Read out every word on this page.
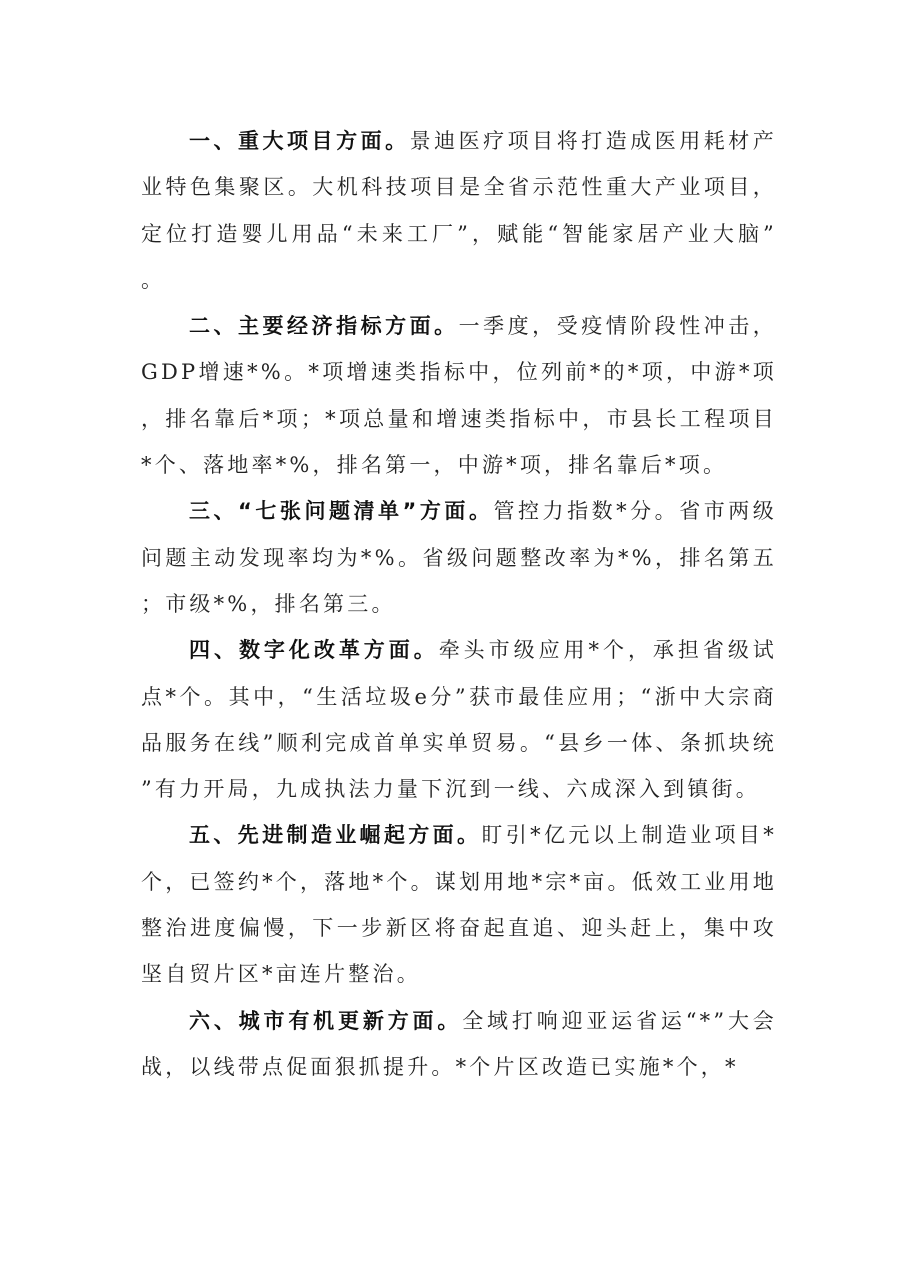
一、重大项目方面。景迪医疗项目将打造成医用耗材产业特色集聚区。大机科技项目是全省示范性重大产业项目，定位打造婴儿用品“未来工厂”，赋能“智能家居产业大脑”。

二、主要经济指标方面。一季度，受疫情阶段性冲击，GDP增速*%。*项增速类指标中，位列前*的*项，中游*项，排名靠后*项；*项总量和增速类指标中，市县长工程项目*个、落地率*%，排名第一，中游*项，排名靠后*项。

三、“七张问题清单”方面。管控力指数*分。省市两级问题主动发现率均为*%。省级问题整改率为*%，排名第五；市级*%，排名第三。

四、数字化改革方面。牵头市级应用*个，承担省级试点*个。其中，“生活垃圾e分”获市最佳应用；“浙中大宗商品服务在线”顺利完成首单实单贸易。“县乡一体、条抓块统”有力开局，九成执法力量下沉到一线、六成深入到镇街。

五、先进制造业崛起方面。盯引*亿元以上制造业项目*个，已签约*个，落地*个。谋划用地*宗*亩。低效工业用地整治进度偏慢，下一步新区将奋起直追、迎头赶上，集中攻坚自贸片区*亩连片整治。

六、城市有机更新方面。全域打响迎亚运省运“*”大会战，以线带点促面狠抓提升。*个片区改造已实施*个，*
